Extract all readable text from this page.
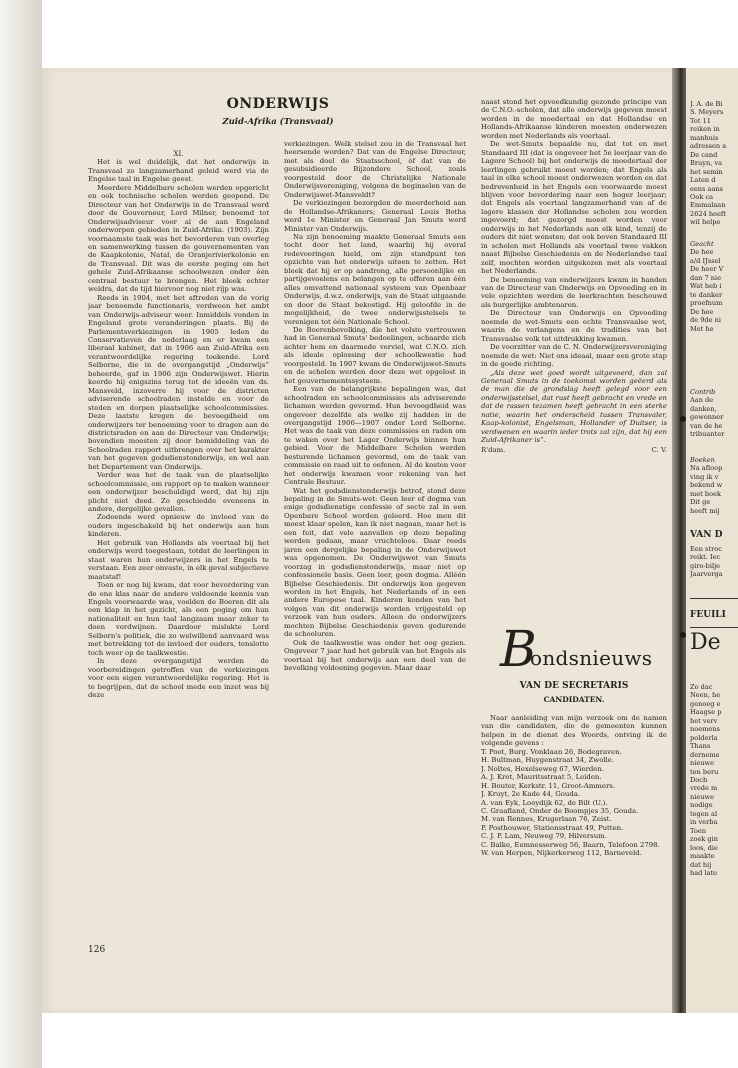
ONDERWIJS
Zuid-Afrika (Transvaal)

XI.

Het is wel duidelijk, dat het onderwijs in Transvaal zo langzamerhand geleid werd via de Engelse taal in Engelse geest.

Meerdere Middelbare scholen werden opgericht en ook technische scholen werden geopend. De Directeur van het Onderwijs in de Transvaal werd door de Gouverneur, Lord Milner, benoemd tot Onderwijsadviseur voor al de aan Engeland onderworpen gebieden in Zuid-Afrika. (1903). Zijn voornaamste taak was het bevorderen van overleg en samenwerking tussen de gouvernementen van de Kaapkolonie, Natal, de Oranjerivierkolonie en de Transvaal. Dit was de eerste poging om het gehele Zuid-Afrikaanse schoolwezen onder één centraal bestuur te brengen. Het bleek echter weldra, dat de tijd hiervoor nog niet rijp was.

Reeds in 1904, met het aftreden van de vorig jaar benoemde functionaris, verdween het ambt van Onderwijs-adviseur weer. Inmiddels vonden in Engeland grote veranderingen plaats. Bij de Parlementsverkiezingen in 1905 leden de Conservatieven de nederlaag en er kwam een liberaal kabinet, dat in 1906 aan Zuid-Afrika een verantwoordelijke regering toekende. Lord Selborne, die in de overgangstijd „Onderwijs” beheerde, gaf in 1906 zijn Onderwijswet. Hierin keerde hij enigszins terug tot de ideeën van ds. Mansveld, inzoverre hij voor de districten adviserende schoolraden instelde en voor de steden en dorpen plaatselijke schoolcommissies. Deze laatste kregen de bevoegdheid om onderwijzers ter benoeming voor te dragen aan de districtsraden en aan de Directeur van Onderwijs; bovendien moesten zij door bemiddeling van de Schoolraden rapport uitbrengen over het karakter van het gegeven godsdienstonderwijs, en wel aan het Departement van Onderwijs.

Verder was het de taak van de plaatselijke schoolcommissie, om rapport op te maken wanneer een onderwijzer beschuldigd werd, dat hij zijn plicht niet deed. Zo geschiedde eveneens in andere, dergelijke gevallen.

Zodoende werd opnieuw de invloed van de ouders ingeschakeld bij het onderwijs aan hun kinderen.

Het gebruik van Hollands als voertaal bij het onderwijs werd toegestaan, totdat de leerlingen in staat waren hun onderwijzers in het Engels te verstaan. Een zeer onvaste, in elk geval subjectieve maatstaf!

Toen er nog bij kwam, dat voor bevordering van de ene klas naar de andere voldoende kennis van Engels voorwaarde was, voelden de Boeren dit als een klap in het gezicht, als een poging om hun nationaliteit en hun taal langzaam maar zeker te doen verdwijnen. Daardoor mislukte Lord Selborn's politiek, die zo welwillend aanvaard was met betrekking tot de invloed der ouders, tenslotte toch weer op de taalkwestie.

In deze overgangstijd werden de voorbereidingen getroffen van de verkiezingen voor een eigen verantwoordelijke regering. Het is te begrijpen, dat de school mede een inzet was bij deze

verkiezingen. Welk stelsel zou in de Transvaal het heersende worden? Dat van de Engelse Directeur, met als doel de Staatsschool, òf dat van de gesubsidieerde Bijzondere School, zoals voorgesteld door de Christelijke Nationale Onderwijsvereniging, volgens de beginselen van de Onderwijswet-Mansveldt?

De verkiezingen bezorgden de meerderheid aan de Hollandse-Afrikaners; Generaal Louis Botha werd 1e Minister en Generaal Jan Smuts werd Minister van Onderwijs.

Na zijn benoeming maakte Generaal Smuts een tocht door het land, waarbij hij overal redevoeringen hield, om zijn standpunt ten opzichte van het onderwijs uiteen te zetten. Het bleek dat hij er op aandrong, alle persoonlijke en partijgevoelens en belangen op te offeren aan één alles omvattend nationaal systeem van Openbaar Onderwijs, d.w.z. onderwijs, van de Staat uitgaande en door de Staat bekostigd. Hij geloofde in de mogelijkheid, de twee onderwijsstelsels te verenigen tot één Nationale School.

De Boerenbevolking, die het volste vertrouwen had in Generaal Smuts' bedoelingen, schaarde zich achter hem en daarmede verviel, wat C.N.O. zich als ideale oplossing der schoolkwestie had voorgesteld. In 1907 kwam de Onderwijswet-Smuts en de scholen werden door deze wet opgelost in het gouvernementssysteem.

Een van de belangrijkste bepalingen was, dat schoolraden en schoolcommissies als adviserende lichamen werden gevormd. Hun bevoegdheid was ongeveer dezelfde als welke zij hadden in de overgangstijd 1906—1907 onder Lord Selborne. Het was de taak van deze commissies en raden om te waken over het Lager Onderwijs binnen hun gebied. Voor de Middelbare Scholen werden besturende lichamen gevormd, om de taak van commissie en raad uit te oefenen. Al de kosten voor het onderwijs kwamen voor rekening van het Centrale Bestuur.

Wat het godsdienstonderwijs betrof, stond deze bepaling in de Smuts-wet: Geen leer of dogma van enige godsdienstige confessie of secte zal in een Openbare School worden geleerd. Hoe men dit moest klaar spelen, kan ik niet nagaan, maar het is een feit, dat vele aanvallen op deze bepaling werden gedaan, maar vruchteloos. Daar reeds jaren een dergelijke bepaling in de Onderwijswet was opgenomen. De Onderwijswet van Smuts voorzag in godsdienstonderwijs, maar niet op confessionele basis. Geen leer, geen dogma. Alléén Bijbelse Geschiedenis. Dit onderwijs kon gegeven worden in het Engels, het Nederlands of in een andere Europese taal. Kinderen konden van het volgen van dit onderwijs worden vrijgesteld op verzoek van hun ouders. Alleen de onderwijzers mochten Bijbelse Geschiedenis geven gedurende de schooluren.

Ook de taalkwestie was onder het oog gezien. Ongeveer 7 jaar had het gebruik van het Engels als voertaal bij het onderwijs aan een deel van de bevolking voldoening gegeven. Maar daar

naast stond het opvoedkundig gezonde principe van de C.N.O.-scholen, dat alle onderwijs gegeven moest worden in de moedertaal en dat Hollandse en Hollands-Afrikaanse kinderen moesten onderwezen worden met Nederlands als voertaal.

De wet-Smuts bepaalde nu, dat tot en met Standaard III (dat is ongeveer het 5e leerjaar van de Lagere School) bij het onderwijs de moedertaal der leerlingen gebruikt moest worden; dat Engels als taal in elke school moest onderwezen worden en dat bedrevenheid in het Engels een voorwaarde moest blijven voor bevordering naar een hoger leerjaar; dat Engels als voertaal langzamerhand van af de lagere klassen der Hollandse scholen zou worden ingevoerd; dat gezorgd moest worden voor onderwijs in het Nederlands aan elk kind, tenzij de ouders dit niet wensten; dat ook boven Standaard III in scholen met Hollands als voertaal twee vakken naast Bijbelse Geschiedenis en de Nederlandse taal zelf, mochten worden uitgekozen met als voertaal het Nederlands.

De benoeming van onderwijzers kwam in handen van de Directeur van Onderwijs en Opvoeding en in vele opzichten werden de leerkrachten beschouwd als burgerlijke ambtenaren.

De Directeur van Onderwijs en Opvoeding noemde de wet-Smuts een echte Transvaalse wet, waarin de verlangens en de tradities van het Transvaalse volk tot uitdrukking kwamen.

De voorzitter van de C. N. Onderwijzersvereniging noemde de wet: Niet ons ideaal, maar een grote stap in de goede richting.

„Als deze wet goed wordt uitgevoerd, dan zal Generaal Smuts in de toekomst worden geëerd als de man die de grondslag heeft gelegd voor een onderwijsstelsel, dat rust heeft gebracht en vrede en dat de rassen tezamen heeft gebracht in een sterke natie, waarin het onderscheid tussen Transvaler, Kaap-kolonist, Engelsman, Hollander of Duitser, is verdwenen en waarin ieder trots zal zijn, dat hij een Zuid-Afrikaner is”.

R'dam.	C. V.
B
ondsnieuws
VAN DE SECRETARIS
CANDIDATEN.

Naar aanleiding van mijn verzoek om de namen van die candidaten, die de gemeenten kunnen helpen in de dienst des Woords, ontving ik de volgende gevens :

T. Poot, Burg. Vonklaan 26, Bodegraven.

H. Bultman, Huygenstraat 34, Zwolle.

J. Noltes, Hexelseweg 67, Wierden.

A. J. Kret, Mauritsstraat 5, Leiden.

H. Bouter, Kerkstr. 11, Groot-Ammers.

J. Kruyt, 2e Kade 44, Gouda.

A. van Eyk, Looydijk 62, de Bilt (U.).

C. Graafland, Onder de Boompjes 35, Gouda.

M. van Rennes, Krugerlaan 76, Zeist.

P. Posthouwer, Stationsstraat 49, Putten.

C. J. P. Lam, Neuweg 79, Hilversum.

C. Balke, Eemnesserweg 56, Baarn, Telefoon 2798.

W. van Herpen, Nijkerkerweg 112, Barneveld.

126
J. A. de Bi
S. Meyers
Tot 11
reiken in
manhuis
adressen a
De cand
Bruyn, va
het semin
Laten d
eens aans
Ook ca
Emmalaan
2624 heeft
wil helpe
Geacht
De hee
a/d IJssel
De heer V
dan 7 nie
Wat heb i
te danker
proefnum
De hee
de 9de ni
Met he
Contrib
Aan de
danken,
gewonner
van de he
tribuanter
Boeken
Na afloop
ving ik v
bekend w
met boek
Dit ge
heeft mij
VAN D
Een stroc
reikt. Iec
giro-bilje
Jaarverga
FEUILI
De
Zo dac
Neen, he
genoeg e
Haagse p
het verv
noemens
polderla
Thans
derneme
nieuwe
ten beru
Doch
vrede m
nieuwe
nodige
tegen al
in verba
Toen
zoek gin
loos, die
maakte
dat hij
had late
